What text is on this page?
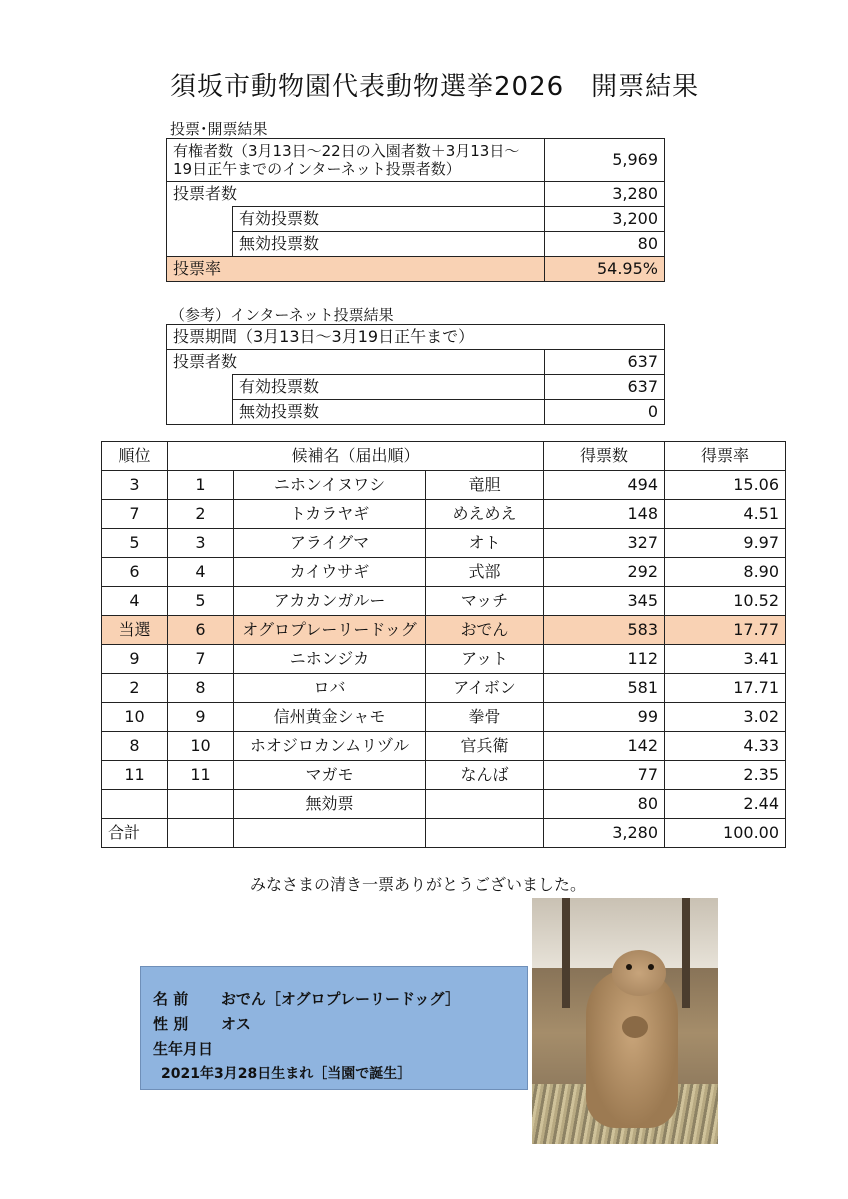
須坂市動物園代表動物選挙2026　開票結果
投票･開票結果
有権者数（3月13日～22日の入園者数＋3月13日～19日正午までのインターネット投票者数）		5,969
投票者数		3,280
	有効投票数	3,200
	無効投票数	80
投票率		54.95%
（参考）インターネット投票結果
投票期間（3月13日～3月19日正午まで）		
投票者数		637
	有効投票数	637
	無効投票数	0
順位	候補名（届出順）			得票数	得票率
3	1	ニホンイヌワシ	竜胆	494	15.06
7	2	トカラヤギ	めえめえ	148	4.51
5	3	アライグマ	オト	327	9.97
6	4	カイウサギ	式部	292	8.90
4	5	アカカンガルー	マッチ	345	10.52
当選	6	オグロプレーリードッグ	おでん	583	17.77
9	7	ニホンジカ	アット	112	3.41
2	8	ロバ	アイボン	581	17.71
10	9	信州黄金シャモ	拳骨	99	3.02
8	10	ホオジロカンムリヅル	官兵衛	142	4.33
11	11	マガモ	なんば	77	2.35
		無効票		80	2.44
合計				3,280	100.00
みなさまの清き一票ありがとうございました。
名 前 おでん［オグロプレーリードッグ］
性 別 オス
生年月日
2021年3月28日生まれ［当園で誕生］
